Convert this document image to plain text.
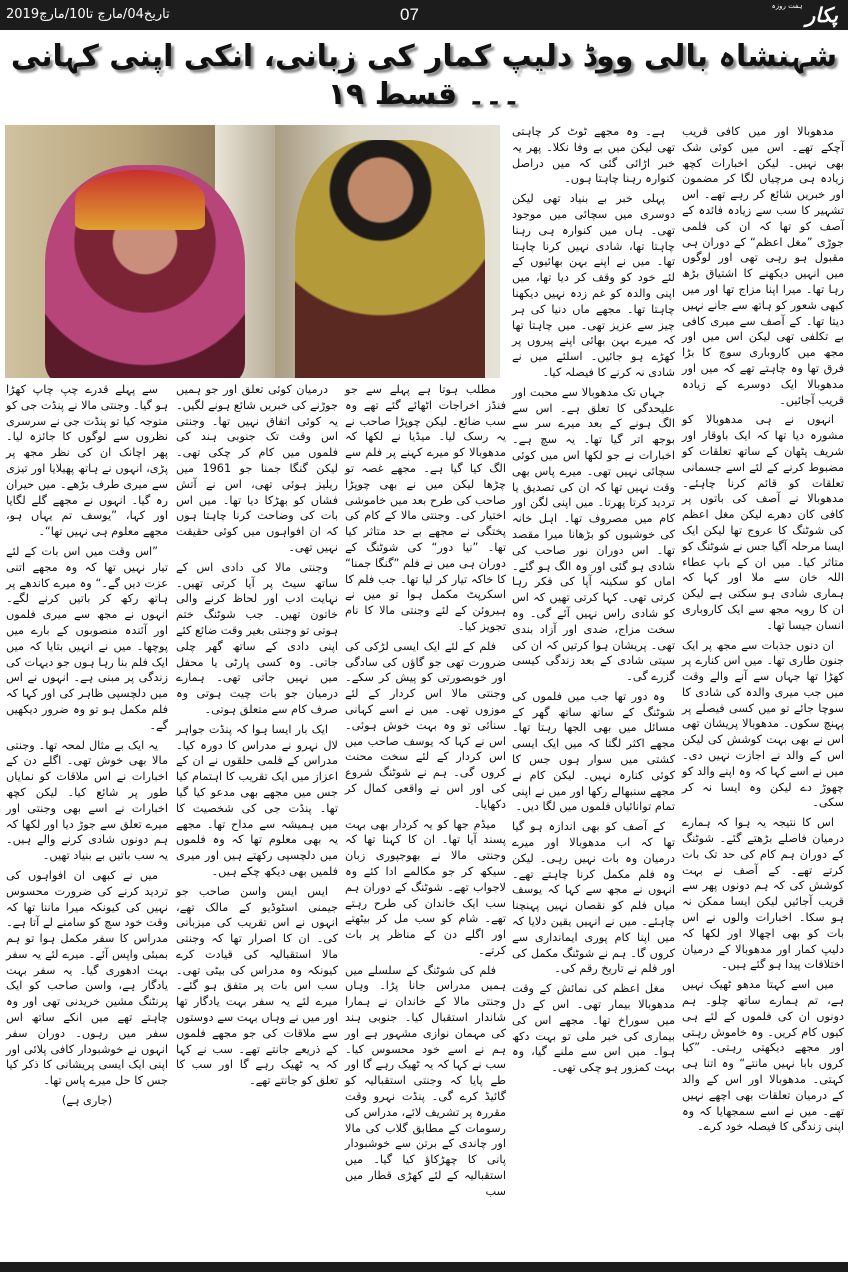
تاریخ04/مارچ تا10/مارچ2019	07	پکار
ہفت روزہ
شہنشاہ بالی ووڈ دلیپ کمار کی زبانی، انکی اپنی کہانی ۔۔۔ قسط ۱۹

مدھوبالا اور میں کافی قریب آچکے تھے۔ اس میں کوئی شک بھی نہیں۔ لیکن اخبارات کچھ زیادہ ہی مرچیاں لگا کر مضمون اور خبریں شائع کر رہے تھے۔ اس تشہیر کا سب سے زیادہ فائدہ کے آصف کو تھا کہ ان کی فلمی جوڑی ”مغل اعظم“ کے دوران ہی مقبول ہو رہی تھی اور لوگوں میں انہیں دیکھنے کا اشتیاق بڑھ رہا تھا۔ میرا اپنا مزاج تھا اور میں کبھی شعور کو ہاتھ سے جانے نہیں دیتا تھا۔ کے آصف سے میری کافی بے تکلفی تھی لیکن اس میں اور مجھ میں کاروباری سوچ کا بڑا فرق تھا وہ چاہتے تھے کہ میں اور مدھوبالا ایک دوسرے کے زیادہ قریب آجائیں۔

انہوں نے ہی مدھوبالا کو مشورہ دیا تھا کہ ایک باوقار اور شریف پٹھان کے ساتھ تعلقات کو مضبوط کرنے کے لئے اسے جسمانی تعلقات کو قائم کرنا چاہئے۔ مدھوبالا نے آصف کی باتوں پر کافی کان دھرے لیکن مغل اعظم کی شوٹنگ کا عروج تھا لیکن ایک ایسا مرحلہ آگیا جس نے شوٹنگ کو متاثر کیا۔ میں ان کے باپ عطاء اللہ خان سے ملا اور کہا کہ ہماری شادی ہو سکتی ہے لیکن ان کا رویہ مجھ سے ایک کاروباری انسان جیسا تھا۔

ان دنوں جذبات سے مجھ پر ایک جنون طاری تھا۔ میں اس کنارے پر کھڑا تھا جہاں سے آنے والے وقت میں جب میری والدہ کی شادی کا سوچا جائے تو میں کسی فیصلے پر پہنچ سکوں۔ مدھوبالا پریشان تھی اس نے بھی بہت کوشش کی لیکن اس کے والد نے اجازت نہیں دی۔ میں نے اسے کہا کہ وہ اپنے والد کو چھوڑ دے لیکن وہ ایسا نہ کر سکی۔

اس کا نتیجہ یہ ہوا کہ ہمارے درمیان فاصلے بڑھتے گئے۔ شوٹنگ کے دوران ہم کام کی حد تک بات کرتے تھے۔ کے آصف نے بہت کوشش کی کہ ہم دونوں پھر سے قریب آجائیں لیکن ایسا ممکن نہ ہو سکا۔ اخبارات والوں نے اس بات کو بھی اچھالا اور لکھا کہ دلیپ کمار اور مدھوبالا کے درمیان اختلافات پیدا ہو گئے ہیں۔

میں اسے کہتا مدھو ٹھیک نہیں ہے، تم ہمارے ساتھ چلو۔ ہم دونوں ان کی فلموں کے لئے ہی کیوں کام کریں۔ وہ خاموش رہتی اور مجھے دیکھتی رہتی۔ ”کیا کروں بابا نہیں مانتے“ وہ اتنا ہی کہتی۔ مدھوبالا اور اس کے والد کے درمیان تعلقات بھی اچھے نہیں تھے۔ میں نے اسے سمجھایا کہ وہ اپنی زندگی کا فیصلہ خود کرے۔

ہے۔ وہ مجھے ٹوٹ کر چاہتی تھی لیکن میں بے وفا نکلا۔ پھر یہ خبر اڑائی گئی کہ میں دراصل کنوارہ رہنا چاہتا ہوں۔

پہلی خبر بے بنیاد تھی لیکن دوسری میں سچائی میں موجود تھی۔ ہاں میں کنوارہ ہی رہنا چاہتا تھا، شادی نہیں کرنا چاہتا تھا۔ میں نے اپنے بہن بھائیوں کے لئے خود کو وقف کر دیا تھا، میں اپنی والدہ کو غم زدہ نہیں دیکھنا چاہتا تھا۔ مجھے ماں دنیا کی ہر چیز سے عزیز تھی۔ میں چاہتا تھا کہ میرے بہن بھائی اپنے پیروں پر کھڑے ہو جائیں۔ اسلئے میں نے شادی نہ کرنے کا فیصلہ کیا۔

جہاں تک مدھوبالا سے محبت اور علیحدگی کا تعلق ہے۔ اس سے الگ ہونے کے بعد میرے سر سے بوجھ اتر گیا تھا۔ یہ سچ ہے۔ اخبارات نے جو لکھا اس میں کوئی سچائی نہیں تھی۔ میرے پاس بھی وقت نہیں تھا کہ ان کی تصدیق یا تردید کرتا پھرتا۔ میں اپنی لگن اور کام میں مصروف تھا۔ اہل خانہ کی خوشیوں کو بڑھانا میرا مقصد تھا۔ اس دوران نور صاحب کی شادی ہو گئی اور وہ الگ ہو گئے۔ اماں کو سکینہ آپا کی فکر رہا کرتی تھی۔ کہا کرتی تھیں کہ اس کو شادی راس نہیں آئے گی۔ وہ سخت مزاج، ضدی اور آزاد بندی تھی۔ پریشان ہوا کرتیں کہ ان کی سیتی شادی کے بعد زندگی کیسی گزرے گی۔

وہ دور تھا جب میں فلموں کی شوٹنگ کے ساتھ ساتھ گھر کے مسائل میں بھی الجھا رہتا تھا۔ مجھے اکثر لگتا کہ میں ایک ایسی کشتی میں سوار ہوں جس کا کوئی کنارہ نہیں۔ لیکن کام نے مجھے سنبھالے رکھا اور میں نے اپنی تمام توانائیاں فلموں میں لگا دیں۔

کے آصف کو بھی اندازہ ہو گیا تھا کہ اب مدھوبالا اور میرے درمیان وہ بات نہیں رہی۔ لیکن وہ فلم مکمل کرنا چاہتے تھے۔ انہوں نے مجھ سے کہا کہ یوسف میاں فلم کو نقصان نہیں پہنچنا چاہئے۔ میں نے انہیں یقین دلایا کہ میں اپنا کام پوری ایمانداری سے کروں گا۔ ہم نے شوٹنگ مکمل کی اور فلم نے تاریخ رقم کی۔

مغل اعظم کی نمائش کے وقت مدھوبالا بیمار تھی۔ اس کے دل میں سوراخ تھا۔ مجھے اس کی بیماری کی خبر ملی تو بہت دکھ ہوا۔ میں اس سے ملنے گیا، وہ بہت کمزور ہو چکی تھی۔

مطلب ہوتا ہے پہلے سے جو فنڈز اخراجات اٹھائے گئے تھے وہ سب ضائع۔ لیکن چوپڑا صاحب نے یہ رسک لیا۔ میڈیا نے لکھا کہ مدھوبالا کو میرے کہنے پر فلم سے الگ کیا گیا ہے۔ مجھے غصہ تو چڑھا لیکن میں نے بھی چوپڑا صاحب کی طرح بعد میں خاموشی اختیار کی۔ وجنتی مالا کے کام کی پختگی نے مجھے بے حد متاثر کیا تھا۔ ”نیا دور“ کی شوٹنگ کے دوران ہی میں نے فلم ”گنگا جمنا“ کا خاکہ تیار کر لیا تھا۔ جب فلم کا اسکرپٹ مکمل ہوا تو میں نے ہیروئن کے لئے وجنتی مالا کا نام تجویز کیا۔

فلم کے لئے ایک ایسی لڑکی کی ضرورت تھی جو گاؤں کی سادگی اور خوبصورتی کو پیش کر سکے۔ وجنتی مالا اس کردار کے لئے موزوں تھی۔ میں نے اسے کہانی سنائی تو وہ بہت خوش ہوئی۔ اس نے کہا کہ یوسف صاحب میں اس کردار کے لئے سخت محنت کروں گی۔ ہم نے شوٹنگ شروع کی اور اس نے واقعی کمال کر دکھایا۔

میڈم جھا کو یہ کردار بھی بہت پسند آیا تھا۔ ان کا کہنا تھا کہ وجنتی مالا نے بھوجپوری زبان سیکھ کر جو مکالمے ادا کئے وہ لاجواب تھے۔ شوٹنگ کے دوران ہم سب ایک خاندان کی طرح رہتے تھے۔ شام کو سب مل کر بیٹھتے اور اگلے دن کے مناظر پر بات کرتے۔

فلم کی شوٹنگ کے سلسلے میں ہمیں مدراس جانا پڑا۔ وہاں وجنتی مالا کے خاندان نے ہمارا شاندار استقبال کیا۔ جنوبی ہند کی مہمان نوازی مشہور ہے اور ہم نے اسے خود محسوس کیا۔ سب نے کہا کہ یہ ٹھیک رہے گا اور طے پایا کہ وجنتی استقبالیہ کو گائیڈ کرے گی۔ پنڈت نہرو وقت مقررہ پر تشریف لائے، مدراس کی رسومات کے مطابق گلاب کی مالا اور چاندی کے برتن سے خوشبودار پانی کا چھڑکاؤ کیا گیا۔ میں استقبالیہ کے لئے کھڑی قطار میں سب

درمیان کوئی تعلق اور جو ہمیں جوڑنے کی خبریں شائع ہونے لگیں۔ یہ کوئی اتفاق نہیں تھا۔ وجنتی اس وقت تک جنوبی ہند کی فلموں میں کام کر چکی تھی۔ لیکن گنگا جمنا جو 1961 میں ریلیز ہوئی تھی، اس نے آتش فشاں کو بھڑکا دیا تھا۔ میں اس بات کی وضاحت کرنا چاہتا ہوں کہ ان افواہوں میں کوئی حقیقت نہیں تھی۔

وجنتی مالا کی دادی اس کے ساتھ سیٹ پر آیا کرتی تھیں۔ نہایت ادب اور لحاظ کرنے والی خاتون تھیں۔ جب شوٹنگ ختم ہوتی تو وجنتی بغیر وقت ضائع کئے اپنی دادی کے ساتھ گھر چلی جاتی۔ وہ کسی پارٹی یا محفل میں نہیں جاتی تھی۔ ہمارے درمیان جو بات چیت ہوتی وہ صرف کام سے متعلق ہوتی۔

ایک بار ایسا ہوا کہ پنڈت جواہر لال نہرو نے مدراس کا دورہ کیا۔ مدراس کے فلمی حلقوں نے ان کے اعزاز میں ایک تقریب کا اہتمام کیا جس میں مجھے بھی مدعو کیا گیا تھا۔ پنڈت جی کی شخصیت کا میں ہمیشہ سے مداح تھا۔ مجھے یہ بھی معلوم تھا کہ وہ فلموں میں دلچسپی رکھتے ہیں اور میری فلمیں بھی دیکھ چکے ہیں۔

ایس ایس واسن صاحب جو جیمنی اسٹوڈیو کے مالک تھے، انہوں نے اس تقریب کی میزبانی کی۔ ان کا اصرار تھا کہ وجنتی مالا استقبالیہ کی قیادت کرے کیونکہ وہ مدراس کی بیٹی تھی۔ سب اس بات پر متفق ہو گئے۔ میرے لئے یہ سفر بہت یادگار تھا اور میں نے وہاں بہت سے دوستوں سے ملاقات کی جو مجھے فلموں کے ذریعے جانتے تھے۔ سب نے کہا کہ یہ ٹھیک رہے گا اور سب کا تعلق کو جانتے تھے۔

سے پہلے قدرے چپ چاپ کھڑا ہو گیا۔ وجنتی مالا نے پنڈت جی کو متوجہ کیا تو پنڈت جی نے سرسری نظروں سے لوگوں کا جائزہ لیا۔ پھر اچانک ان کی نظر مجھ پر پڑی، انہوں نے ہاتھ پھیلایا اور تیزی سے میری طرف بڑھے۔ میں حیران رہ گیا۔ انہوں نے مجھے گلے لگایا اور کہا، ”یوسف تم یہاں ہو، مجھے معلوم ہی نہیں تھا“۔

”اس وقت میں اس بات کے لئے تیار نہیں تھا کہ وہ مجھے اتنی عزت دیں گے۔“ وہ میرے کاندھے پر ہاتھ رکھ کر باتیں کرنے لگے۔ انہوں نے مجھ سے میری فلموں اور آئندہ منصوبوں کے بارے میں پوچھا۔ میں نے انہیں بتایا کہ میں ایک فلم بنا رہا ہوں جو دیہات کی زندگی پر مبنی ہے۔ انہوں نے اس میں دلچسپی ظاہر کی اور کہا کہ فلم مکمل ہو تو وہ ضرور دیکھیں گے۔

یہ ایک بے مثال لمحہ تھا۔ وجنتی مالا بھی خوش تھی۔ اگلے دن کے اخبارات نے اس ملاقات کو نمایاں طور پر شائع کیا۔ لیکن کچھ اخبارات نے اسے بھی وجنتی اور میرے تعلق سے جوڑ دیا اور لکھا کہ ہم دونوں شادی کرنے والے ہیں۔ یہ سب باتیں بے بنیاد تھیں۔

میں نے کبھی ان افواہوں کی تردید کرنے کی ضرورت محسوس نہیں کی کیونکہ میرا ماننا تھا کہ وقت خود سچ کو سامنے لے آتا ہے۔ مدراس کا سفر مکمل ہوا تو ہم بمبئی واپس آئے۔ میرے لئے یہ سفر بہت ادھوری گیا۔ یہ سفر بہت یادگار ہے، واسن صاحب کو ایک پرنٹنگ مشین خریدنی تھی اور وہ چاہتے تھے میں انکے ساتھ اس سفر میں رہوں۔ دوران سفر انہوں نے خوشبودار کافی پلائی اور اپنی ایک ایسی پریشانی کا ذکر کیا جس کا حل میرے پاس تھا۔

(جاری ہے)
